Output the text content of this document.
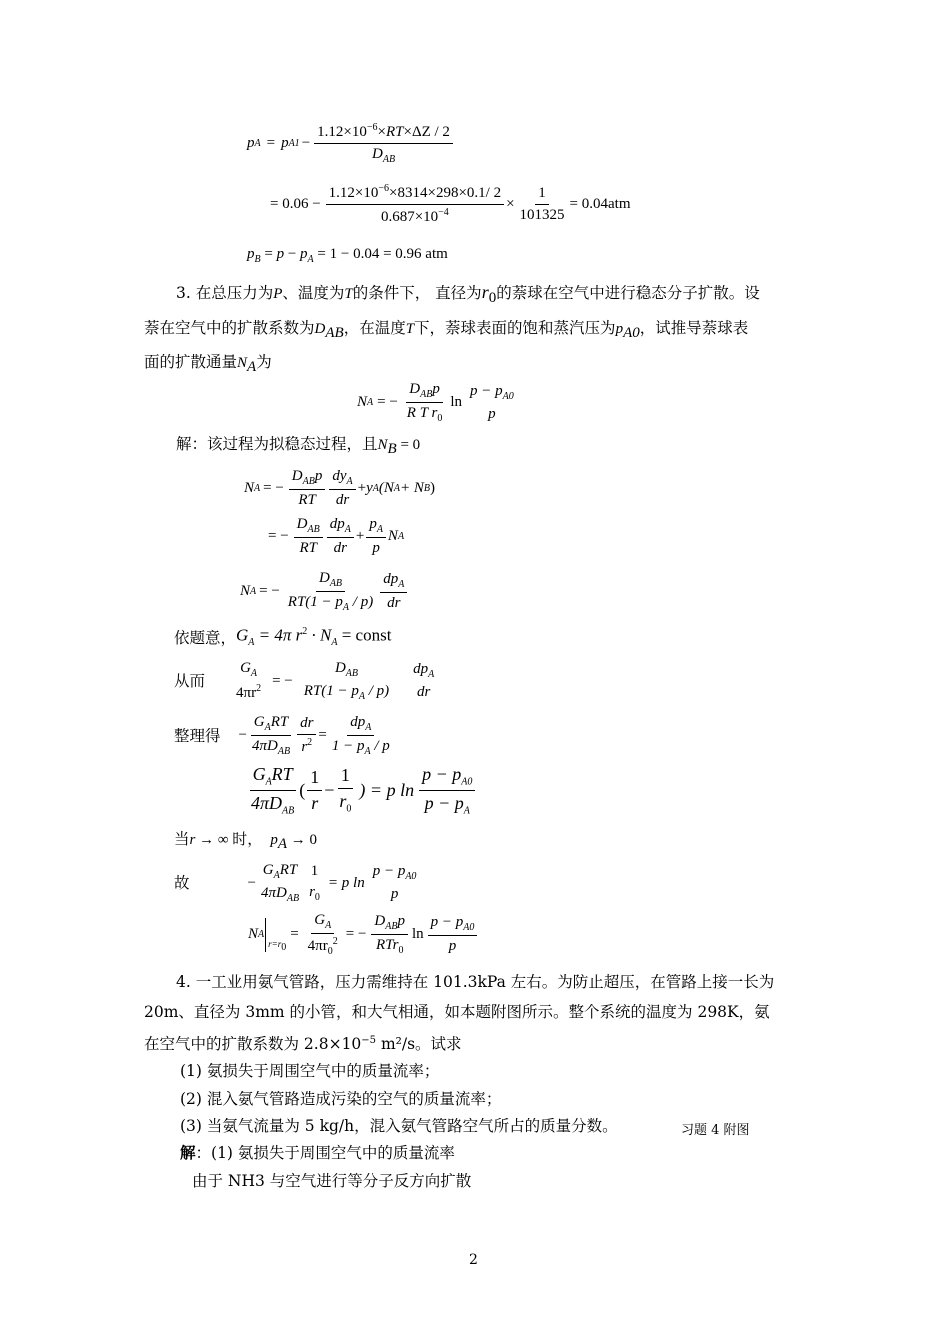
p A = p $A1 - \frac{1.12\times 10^{-6}\times RT\times\Delta Z / 2}{D_{AB}}$
= $0.06 - \frac{1.12\times 10^{-6}\times 8314\times 298\times 0.1/ 2}{0.687\times 10^{-4}} \times \frac{1}{101325} = 0.04atm$
$p_B = p - p_A = 1 - 0.04 = 0.96$ atm
3. 在总压力为P、温度为T的条件下， 直径为$r_0$的萘球在空气中进行稳态分子扩散。设
萘在空气中的扩散系数为$D_{AB}$，在温度T下，萘球表面的饱和蒸汽压为$p_{A0}$，试推导萘球表
面的扩散通量$N_A$为
N A = − $\frac{D_{AB}p}{R T r_0}$ ln
$p - p_{A0}$
p
解：该过程为拟稳态过程，且$N_B = 0$
N A = − $\frac{D_{AB}p}{RT} \frac{dy_A}{dr} + y$ A (N A + N B )
= − $\frac{D_{AB}}{RT} \frac{dp_A}{dr} + \frac{p_A}{p}$ N A
N A = − $\frac{D_{AB}}{RT(1 - p_A / p)} \frac{dp_A}{dr}$
依题意， $G_A = 4\pi$ $r^2 \cdot N_A$ = const
从而
$G_A$
$4\pi r^2$ = −
$D_{AB}$
$RT(1 - p_A / p)$
$dp_A$
dr
整理得 − $\frac{G_ART}{4\pi D_{AB}} \frac{dr}{r^2} = \frac{dp_A}{1 - p_A / p}$
$\frac{G_ART}{4\pi D_{AB}}$ ( $\frac{1}{r} - \frac{1}{r_0}$ ) = p $\ln \frac{p - p_{A0}}{p - p_A}$
当r → ∞ 时， $p_A \to 0$
故	−
$G_ART$
$4\pi D_{AB}$
1
$r_0$
= p ln
$p - p_{A0}$
p
N A
$_{r=r_0}$
= $\frac{G_A}{4\pi r_0^2}$ = − $\frac{D_{AB}p}{RTr_0}$ $\ln \frac{p - p_{A0}}{p}$
4. 一工业用氨气管路，压力需维持在 101.3kPa 左右。为防止超压，在管路上接一长为
20m、直径为 3mm 的小管，和大气相通，如本题附图所示。整个系统的温度为 298K，氨
在空气中的扩散系数为 $2.8\times 10^{-5}$ m²/s。试求
(1) 氨损失于周围空气中的质量流率；
(2) 混入氨气管路造成污染的空气的质量流率；
(3) 当氨气流量为 5 kg/h，混入氨气管路空气所占的质量分数。	习题 4 附图
解：(1) 氨损失于周围空气中的质量流率
由于 NH3 与空气进行等分子反方向扩散
2
